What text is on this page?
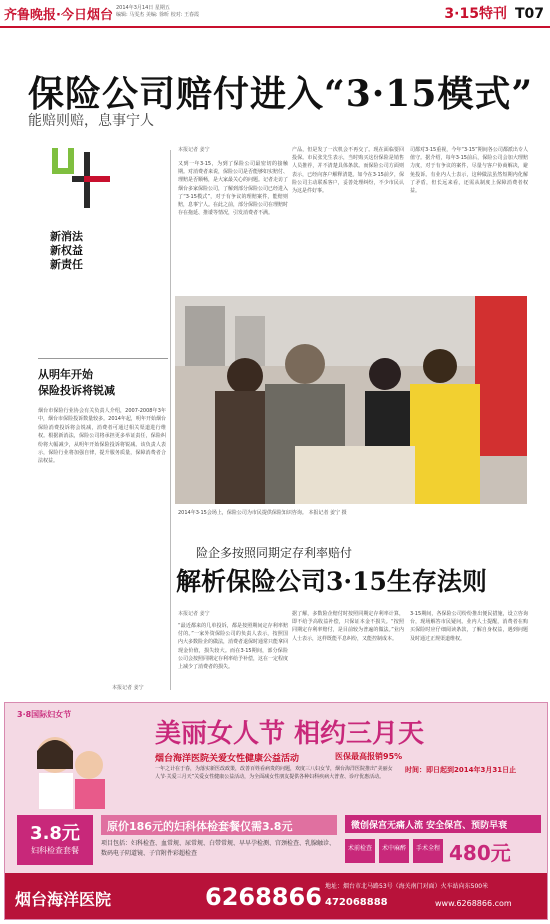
齐鲁晚报·今日烟台 2014年3月14日 星期五
编辑: 马雯杰 美编: 徐昕 校对: 王春霞	3·15特刊 T07
保险公司赔付进入“3·15模式”
能赔则赔，息事宁人
新消法
新权益
新责任
从明年开始
保险投诉将锐减
烟台市保险行业协会有关负责人介绍，2007-2008年3年中，烟台市保险投诉数量较多。2014年起，明年开始烟台保险消费投诉将会锐减，消费者可通过相关渠道进行维权。根据新消法，保险公司将承担更多举证责任，保险纠纷将大幅减少，从明年开始保险投诉将锐减。该负责人表示，保险行业将加强自律，提升服务质量，保障消费者合法权益。
本报记者 姜宁
本报记者 姜宁
又到一年3·15，为到了保险公司最密切的接触期。对消费者来说，保险公司是否能够如实赔付、理赔是否顺畅，是大家最关心的问题。记者走访了烟台多家保险公司，了解到部分保险公司已经进入了“3·15模式”，对于有争议的理赔案件，能赔则赔，息事宁人。在此之前，部分保险公司在理赔时存在拖延、推诿等情况，引发消费者不满。
产品，但是发了一次机会不再交了。现在面临要回投保。市民张先生表示，当时购买这份保险是销售人员推荐，并不清楚具体条款。而保险公司方面则表示，已经向客户解释清楚。如今在3·15前夕，保险公司主动联系客户，妥善处理纠纷，不少市民认为这是件好事。
司都对3·15重视，今年“3·15”期间各公司都派出专人值守。据介绍，每年3·15前后，保险公司会加大理赔力度，对于有争议的案件，尽量与客户协商解决，避免投诉。有业内人士表示，这种做法虽然短期内化解了矛盾，但长远来看，还需从制度上保障消费者权益。
2014年3·15会场上，保险公司为市民提供保险知识咨询。 本报记者 姜宁 摄
险企多按照同期定存利率赔付
解析保险公司3·15生存法则
本报记者 姜宁
“最近都来的几单投诉，都是按照期间定存利率赔付的。”一家外资保险公司的负责人表示，按照国内大多数险企的做法，消费者退保时通常只能拿回现金价值，损失较大。而在3·15期间，部分保险公司会按照同期定存利率给予补偿，这在一定程度上减少了消费者的损失。
据了解，多数险企赔付时按照同期定存利率计算，即不给予高收益补偿，只保证本金不损失。“按照同期定存利率赔付，是目前较为普遍的做法。”业内人士表示，这样既能平息纠纷，又能控制成本。
3·15期间，各保险公司纷纷推出便民措施，设立咨询台，现场解答市民疑问。业内人士提醒，消费者在购买保险时应仔细阅读条款，了解自身权益，遇到问题及时通过正规渠道维权。
3·8国际妇女节
美丽女人节 相约三月天
烟台海洋医院关爱女性健康公益活动	医保最高报销95%
时间：即日起到2014年3月31日止
一年之计在于春，为落实新医改政策，改善百姓看病贵的问题，欢度三八妇女节，烟台海洋医院推出“美丽女人节·关爱三月天”关爱女性健康公益活动，为全面减女性朋友提供各种妇科疾病大普查、诊疗优惠活动。
3.8元
妇科检查套餐
原价186元的妇科体检套餐仅需3.8元
项目包括：妇科检查、血常规、尿常规、白带常规、早早孕检测、宫颈检查、乳腺触诊、数码电子阴道镜、子宫附件彩超检查
微创保宫无痛人流 安全保宫、预防早衰
术前检查	术中麻醉	手术全程 480元
烟台海洋医院	6268866 地址：烟台市北马路53号（海关南门对面）火车站向东500米
472068888	www.6268866.com
